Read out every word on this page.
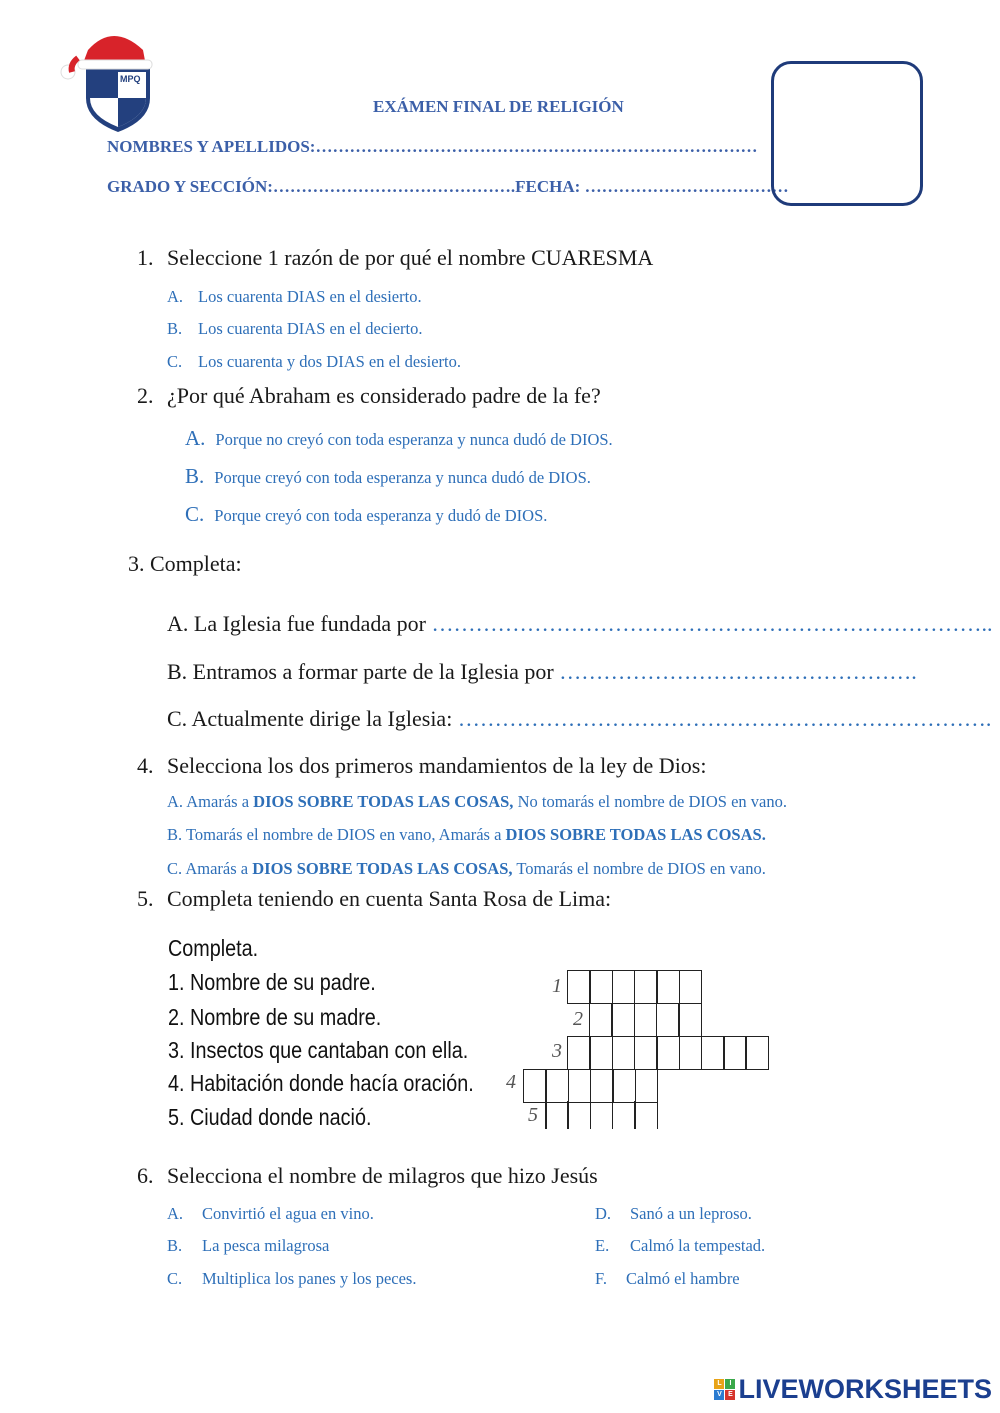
MPQ
EXÁMEN FINAL DE RELIGIÓN
NOMBRES Y APELLIDOS:……………………………………………………………………
GRADO Y SECCIÓN:…………………………………….FECHA: ………………………………
1. Seleccione 1 razón de por qué el nombre CUARESMA
A. Los cuarenta DIAS en el desierto.
B. Los cuarenta DIAS en el decierto.
C. Los cuarenta y dos DIAS en el desierto.
2. ¿Por qué Abraham es considerado padre de la fe?
A. Porque no creyó con toda esperanza y nunca dudó de DIOS.
B. Porque creyó con toda esperanza y nunca dudó de DIOS.
C. Porque creyó con toda esperanza y dudó de DIOS.
3. Completa:
A. La Iglesia fue fundada por …………………………………………………………………..
B. Entramos a formar parte de la Iglesia por ………………………………………….
C. Actualmente dirige la Iglesia: ……………………………………………………………….
4. Selecciona los dos primeros mandamientos de la ley de Dios:
A. Amarás a DIOS SOBRE TODAS LAS COSAS, No tomarás el nombre de DIOS en vano.
B. Tomarás el nombre de DIOS en vano, Amarás a DIOS SOBRE TODAS LAS COSAS.
C. Amarás a DIOS SOBRE TODAS LAS COSAS, Tomarás el nombre de DIOS en vano.
5. Completa teniendo en cuenta Santa Rosa de Lima:
Completa.
1. Nombre de su padre.
2. Nombre de su madre.
3. Insectos que cantaban con ella.
4. Habitación donde hacía oración.
5. Ciudad donde nació.
1
2
3
4
5
6. Selecciona el nombre de milagros que hizo Jesús
A. Convirtió el agua en vino.
B. La pesca milagrosa
C. Multiplica los panes y los peces.
D. Sanó a un leproso.
E. Calmó la tempestad.
F. Calmó el hambre
L	I
V E LIVEWORKSHEETS
